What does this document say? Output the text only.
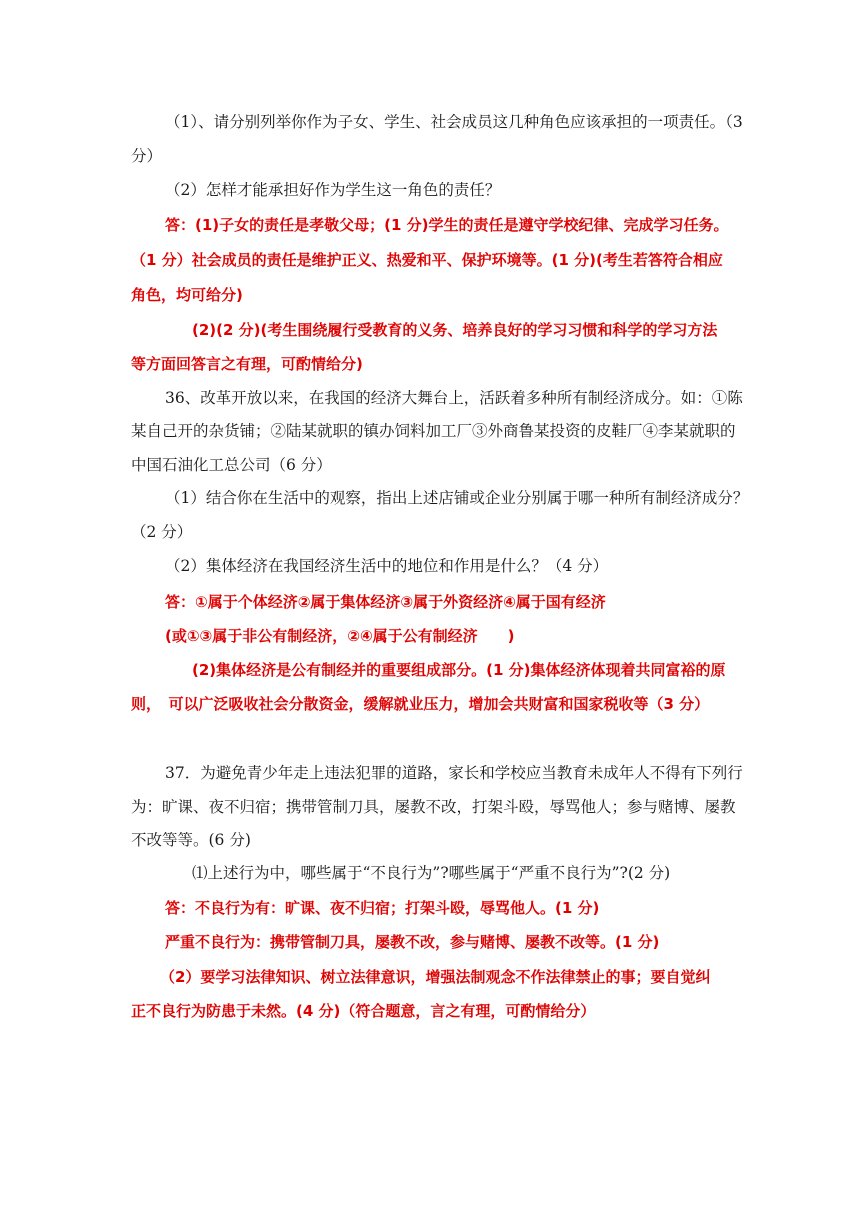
（1）、请分别列举你作为子女、学生、社会成员这几种角色应该承担的一项责任。（3
分）
（2）怎样才能承担好作为学生这一角色的责任？
答：(1)子女的责任是孝敬父母；(1 分)学生的责任是遵守学校纪律、完成学习任务。
（1 分）社会成员的责任是维护正义、热爱和平、保护环境等。(1 分)(考生若答符合相应
角色，均可给分)
(2)(2 分)(考生围绕履行受教育的义务、培养良好的学习习惯和科学的学习方法
等方面回答言之有理，可酌情给分)
36、改革开放以来，在我国的经济大舞台上，活跃着多种所有制经济成分。如：①陈
某自己开的杂货铺；②陆某就职的镇办饲料加工厂③外商鲁某投资的皮鞋厂④李某就职的
中国石油化工总公司（6 分）
（1）结合你在生活中的观察，指出上述店铺或企业分别属于哪一种所有制经济成分？
（2 分）
（2）集体经济在我国经济生活中的地位和作用是什么？（4 分）
答：①属于个体经济②属于集体经济③属于外资经济④属于国有经济
(或①③属于非公有制经济，②④属于公有制经济　　)
(2)集体经济是公有制经并的重要组成部分。(1 分)集体经济体现着共同富裕的原
则，　可以广泛吸收社会分散资金，缓解就业压力，增加会共财富和国家税收等（3 分）
37．为避免青少年走上违法犯罪的道路，家长和学校应当教育未成年人不得有下列行
为：旷课、夜不归宿；携带管制刀具，屡教不改，打架斗殴，辱骂他人；参与赌博、屡教
不改等等。(6 分)
⑴上述行为中，哪些属于“不良行为”?哪些属于“严重不良行为”?(2 分)
答：不良行为有：旷课、夜不归宿；打架斗殴，辱骂他人。(1 分)
严重不良行为：携带管制刀具，屡教不改，参与赌博、屡教不改等。(1 分)
（2）要学习法律知识、树立法律意识，增强法制观念不作法律禁止的事；要自觉纠
正不良行为防患于未然。(4 分)（符合题意，言之有理，可酌情给分）
